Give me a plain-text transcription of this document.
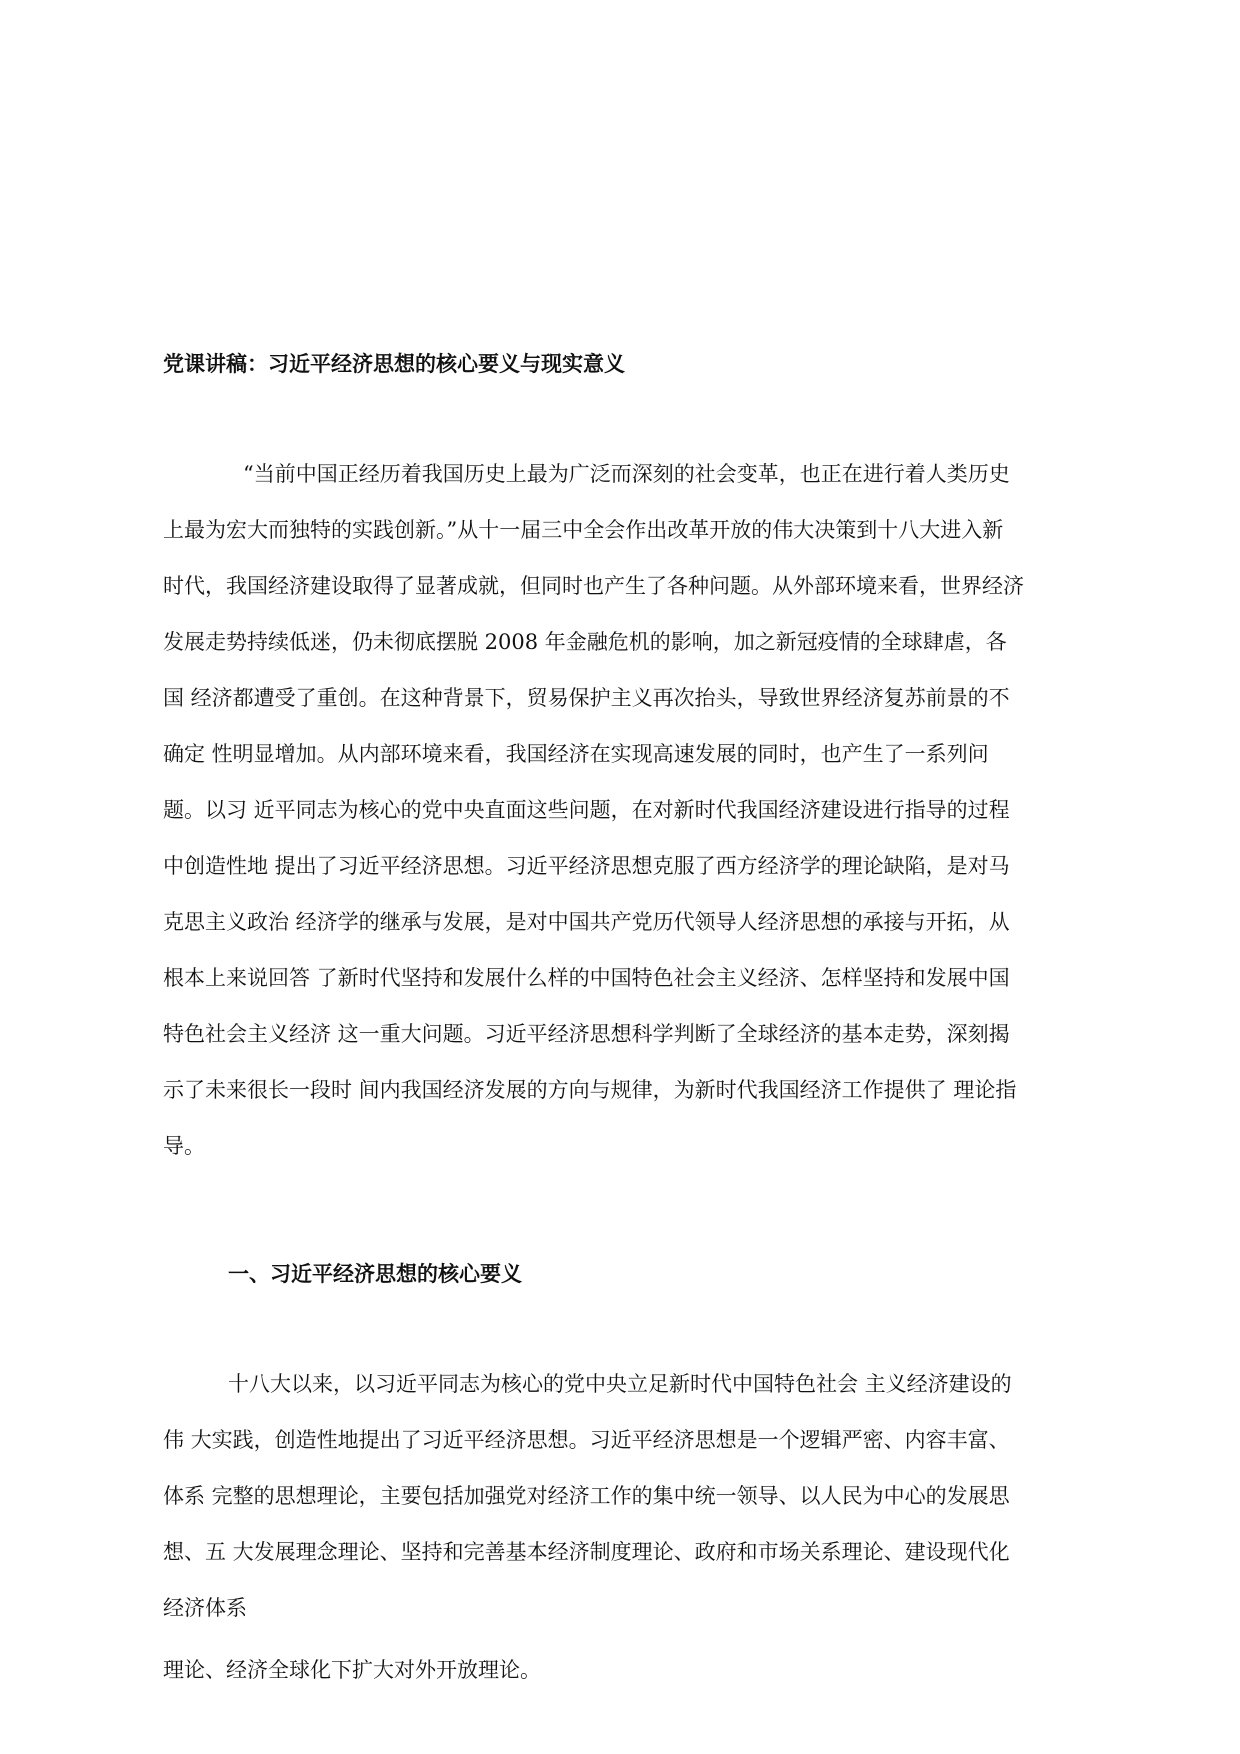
党课讲稿：习近平经济思想的核心要义与现实意义

“当前中国正经历着我国历史上最为广泛而深刻的社会变革，也正在进行着人类历史

上最为宏大而独特的实践创新。”从十一届三中全会作出改革开放的伟大决策到十八大进入新

时代，我国经济建设取得了显著成就，但同时也产生了各种问题。从外部环境来看，世界经济

发展走势持续低迷，仍未彻底摆脱 2008 年金融危机的影响，加之新冠疫情的全球肆虐，各

国 经济都遭受了重创。在这种背景下，贸易保护主义再次抬头，导致世界经济复苏前景的不

确定 性明显增加。从内部环境来看，我国经济在实现高速发展的同时，也产生了一系列问

题。以习 近平同志为核心的党中央直面这些问题，在对新时代我国经济建设进行指导的过程

中创造性地 提出了习近平经济思想。习近平经济思想克服了西方经济学的理论缺陷，是对马

克思主义政治 经济学的继承与发展，是对中国共产党历代领导人经济思想的承接与开拓，从

根本上来说回答 了新时代坚持和发展什么样的中国特色社会主义经济、怎样坚持和发展中国

特色社会主义经济 这一重大问题。习近平经济思想科学判断了全球经济的基本走势，深刻揭

示了未来很长一段时 间内我国经济发展的方向与规律，为新时代我国经济工作提供了 理论指

导。

一、习近平经济思想的核心要义

十八大以来，以习近平同志为核心的党中央立足新时代中国特色社会 主义经济建设的

伟 大实践，创造性地提出了习近平经济思想。习近平经济思想是一个逻辑严密、内容丰富、

体系 完整的思想理论，主要包括加强党对经济工作的集中统一领导、以人民为中心的发展思

想、五 大发展理念理论、坚持和完善基本经济制度理论、政府和市场关系理论、建设现代化

经济体系

理论、经济全球化下扩大对外开放理论。
